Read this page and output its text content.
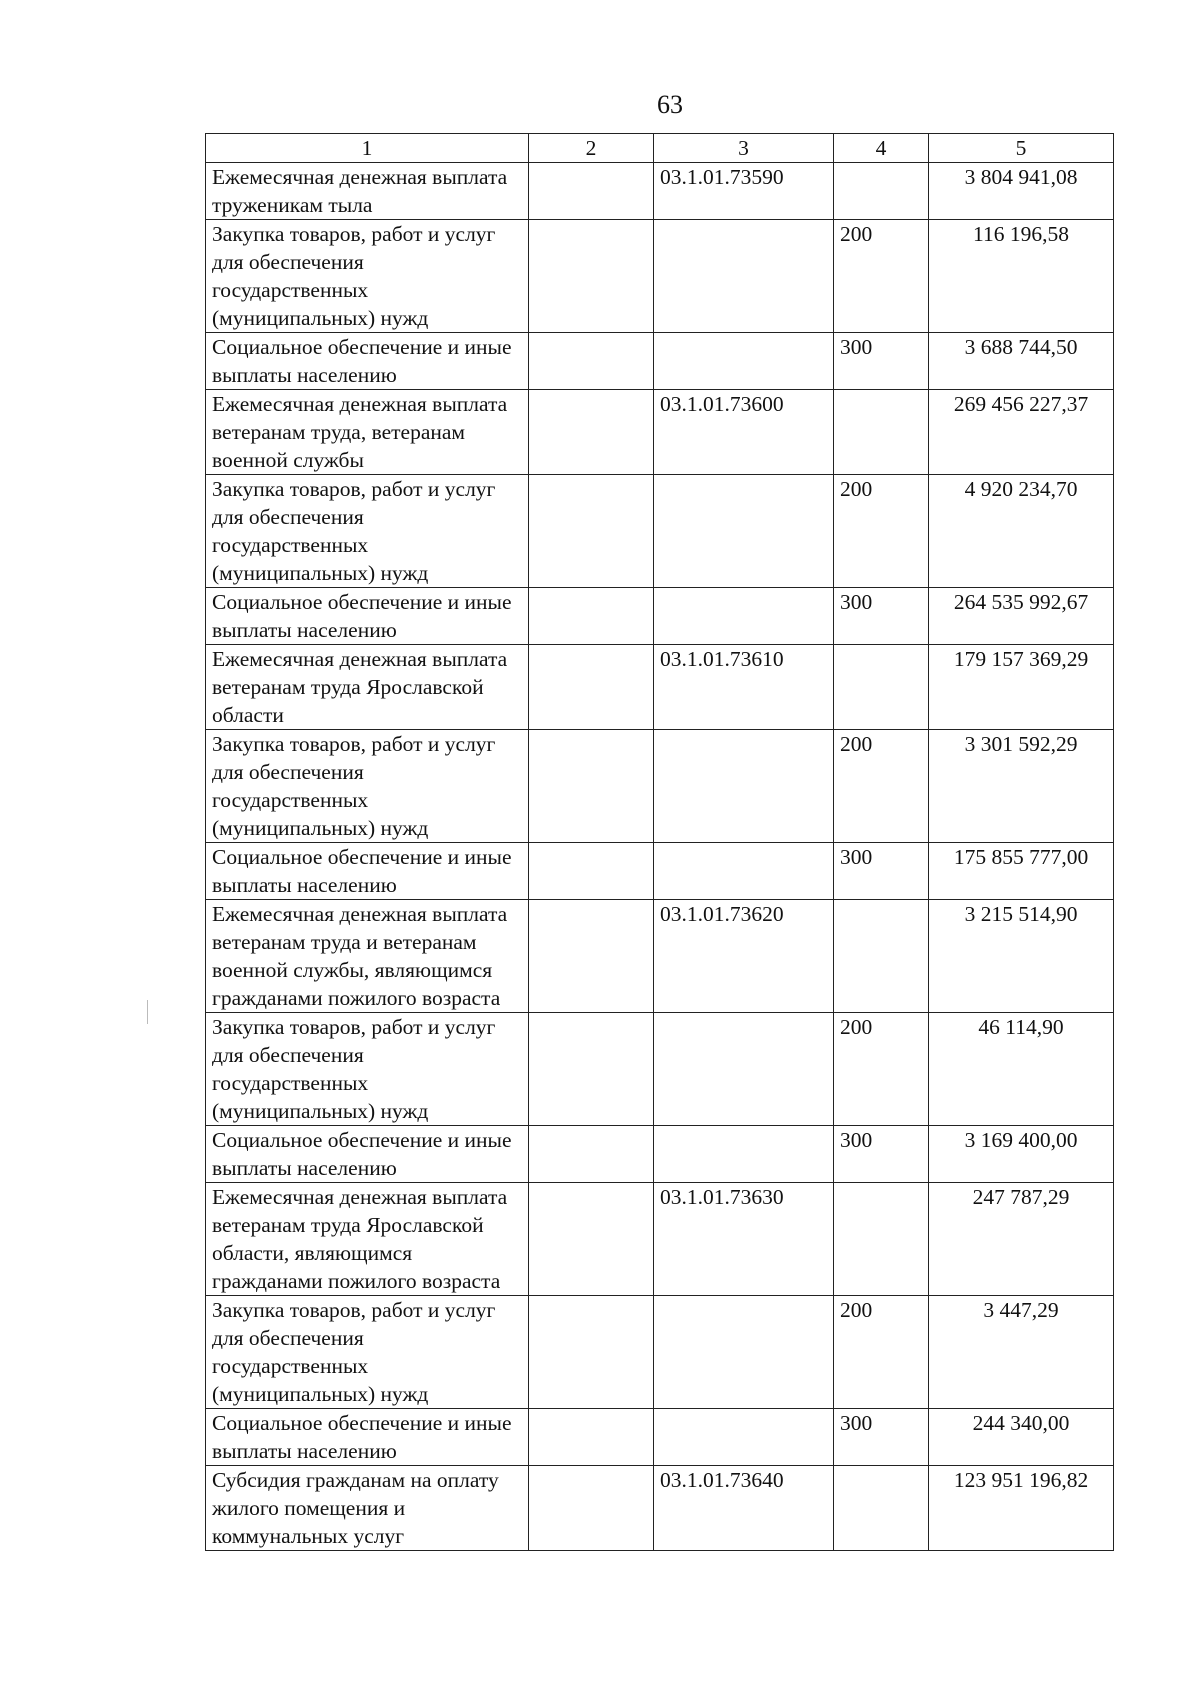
63
1	2	3	4	5
Ежемесячная денежная выплата труженикам тыла		03.1.01.73590		3 804 941,08
Закупка товаров, работ и услуг для обеспечения государственных (муниципальных) нужд			200	116 196,58
Социальное обеспечение и иные выплаты населению			300	3 688 744,50
Ежемесячная денежная выплата ветеранам труда, ветеранам военной службы		03.1.01.73600		269 456 227,37
Закупка товаров, работ и услуг для обеспечения государственных (муниципальных) нужд			200	4 920 234,70
Социальное обеспечение и иные выплаты населению			300	264 535 992,67
Ежемесячная денежная выплата ветеранам труда Ярославской области		03.1.01.73610		179 157 369,29
Закупка товаров, работ и услуг для обеспечения государственных (муниципальных) нужд			200	3 301 592,29
Социальное обеспечение и иные выплаты населению			300	175 855 777,00
Ежемесячная денежная выплата ветеранам труда и ветеранам военной службы, являющимся гражданами пожилого возраста		03.1.01.73620		3 215 514,90
Закупка товаров, работ и услуг для обеспечения государственных (муниципальных) нужд			200	46 114,90
Социальное обеспечение и иные выплаты населению			300	3 169 400,00
Ежемесячная денежная выплата ветеранам труда Ярославской области, являющимся гражданами пожилого возраста		03.1.01.73630		247 787,29
Закупка товаров, работ и услуг для обеспечения государственных (муниципальных) нужд			200	3 447,29
Социальное обеспечение и иные выплаты населению			300	244 340,00
Субсидия гражданам на оплату жилого помещения и коммунальных услуг		03.1.01.73640		123 951 196,82
